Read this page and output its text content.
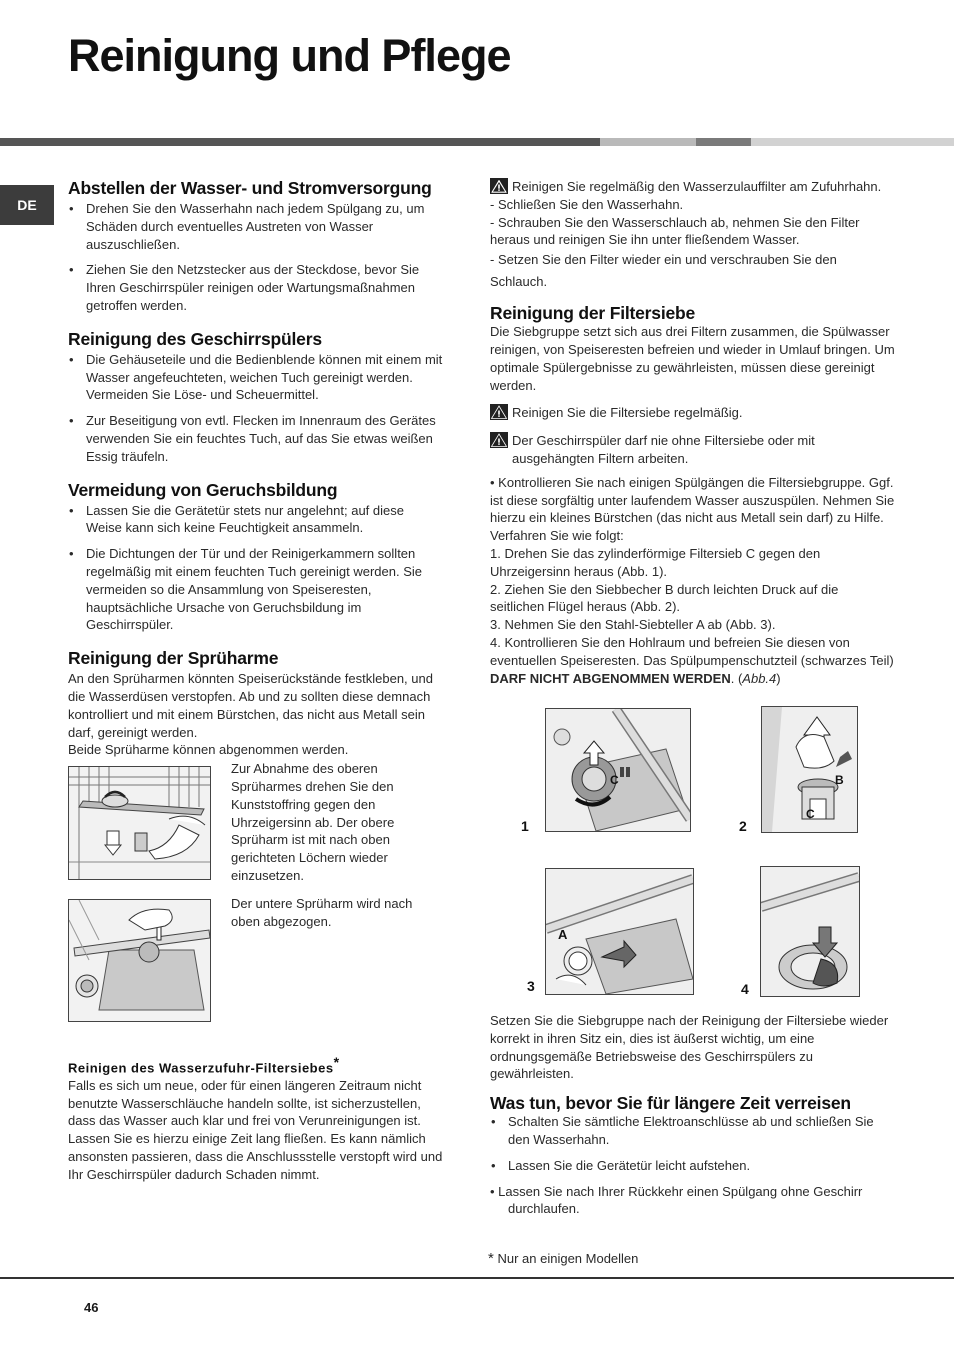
Reinigung und Pflege
DE
Abstellen der Wasser- und Stromversorgung
• Drehen Sie den Wasserhahn nach jedem Spülgang zu, um Schäden durch eventuelles Austreten von Wasser auszuschließen.
• Ziehen Sie den Netzstecker aus der Steckdose, bevor Sie Ihren Geschirrspüler reinigen oder Wartungsmaßnahmen getroffen werden.
Reinigung des Geschirrspülers
• Die Gehäuseteile und die Bedienblende können mit einem mit Wasser angefeuchteten, weichen Tuch gereinigt werden. Vermeiden Sie Löse- und Scheuermittel.
• Zur Beseitigung von evtl. Flecken im Innenraum des Gerätes verwenden Sie ein feuchtes Tuch, auf das Sie etwas weißen Essig träufeln.
Vermeidung von Geruchsbildung
• Lassen Sie die Gerätetür stets nur angelehnt; auf diese Weise kann sich keine Feuchtigkeit ansammeln.
• Die Dichtungen der Tür und der Reinigerkammern sollten regelmäßig mit einem feuchten Tuch gereinigt werden. Sie vermeiden so die Ansammlung von Speiseresten, hauptsächliche Ursache von Geruchsbildung im Geschirrspüler.
Reinigung der Sprüharme

An den Sprüharmen könnten Speiserückstände festkleben, und die Wasserdüsen verstopfen. Ab und zu sollten diese demnach kontrolliert und mit einem Bürstchen, das nicht aus Metall sein darf, gereinigt werden.

Beide Sprüharme können abgenommen werden.

Zur Abnahme des oberen Sprüharmes drehen Sie den Kunststoffring gegen den Uhrzeigersinn ab. Der obere Sprüharm ist mit nach oben gerichteten Löchern wieder einzusetzen.
Der untere Sprüharm wird nach oben abgezogen.
Reinigen des Wasserzufuhr-Filtersiebes*

Falls es sich um neue, oder für einen längeren Zeitraum nicht benutzte Wasserschläuche handeln sollte, ist sicherzustellen, dass das Wasser auch klar und frei von Verunreinigungen ist. Lassen Sie es hierzu einige Zeit lang fließen. Es kann nämlich ansonsten passieren, dass die Anschlussstelle verstopft wird und Ihr Geschirrspüler dadurch Schaden nimmt.

Reinigen Sie regelmäßig den Wasserzulauffilter am Zufuhrhahn.

- Schließen Sie den Wasserhahn.

- Schrauben Sie den Wasserschlauch ab, nehmen Sie den Filter heraus und reinigen Sie ihn unter fließendem Wasser.

- Setzen Sie den Filter wieder ein und verschrauben Sie den Schlauch.

Reinigung der Filtersiebe

Die Siebgruppe setzt sich aus drei Filtern zusammen, die Spülwasser reinigen, von Speiseresten befreien und wieder in Umlauf bringen. Um optimale Spülergebnisse zu gewährleisten, müssen diese gereinigt werden.

Reinigen Sie die Filtersiebe regelmäßig.

Der Geschirrspüler darf nie ohne Filtersiebe oder mit ausgehängten Filtern arbeiten.

• Kontrollieren Sie nach einigen Spülgängen die Filtersiebgruppe. Ggf. ist diese sorgfältig unter laufendem Wasser auszuspülen. Nehmen Sie hierzu ein kleines Bürstchen (das nicht aus Metall sein darf) zu Hilfe. Verfahren Sie wie folgt:

1. Drehen Sie das zylinderförmige Filtersieb C gegen den Uhrzeigersinn heraus (Abb. 1).

2. Ziehen Sie den Siebbecher B durch leichten Druck auf die seitlichen Flügel heraus (Abb. 2).

3. Nehmen Sie den Stahl-Siebteller A ab (Abb. 3).

4. Kontrollieren Sie den Hohlraum und befreien Sie diesen von eventuellen Speiseresten. Das Spülpumpenschutzteil (schwarzes Teil) DARF NICHT ABGENOMMEN WERDEN. (Abb.4)

1
C
2
B
C
3
A
4

Setzen Sie die Siebgruppe nach der Reinigung der Filtersiebe wieder korrekt in ihren Sitz ein, dies ist äußerst wichtig, um eine ordnungsgemäße Betriebsweise des Geschirrspülers zu gewährleisten.

Was tun, bevor Sie für längere Zeit verreisen
• Schalten Sie sämtliche Elektroanschlüsse ab und schließen Sie den Wasserhahn.
• Lassen Sie die Gerätetür leicht aufstehen.

• Lassen Sie nach Ihrer Rückkehr einen Spülgang ohne Geschirr durchlaufen.

* Nur an einigen Modellen
46
